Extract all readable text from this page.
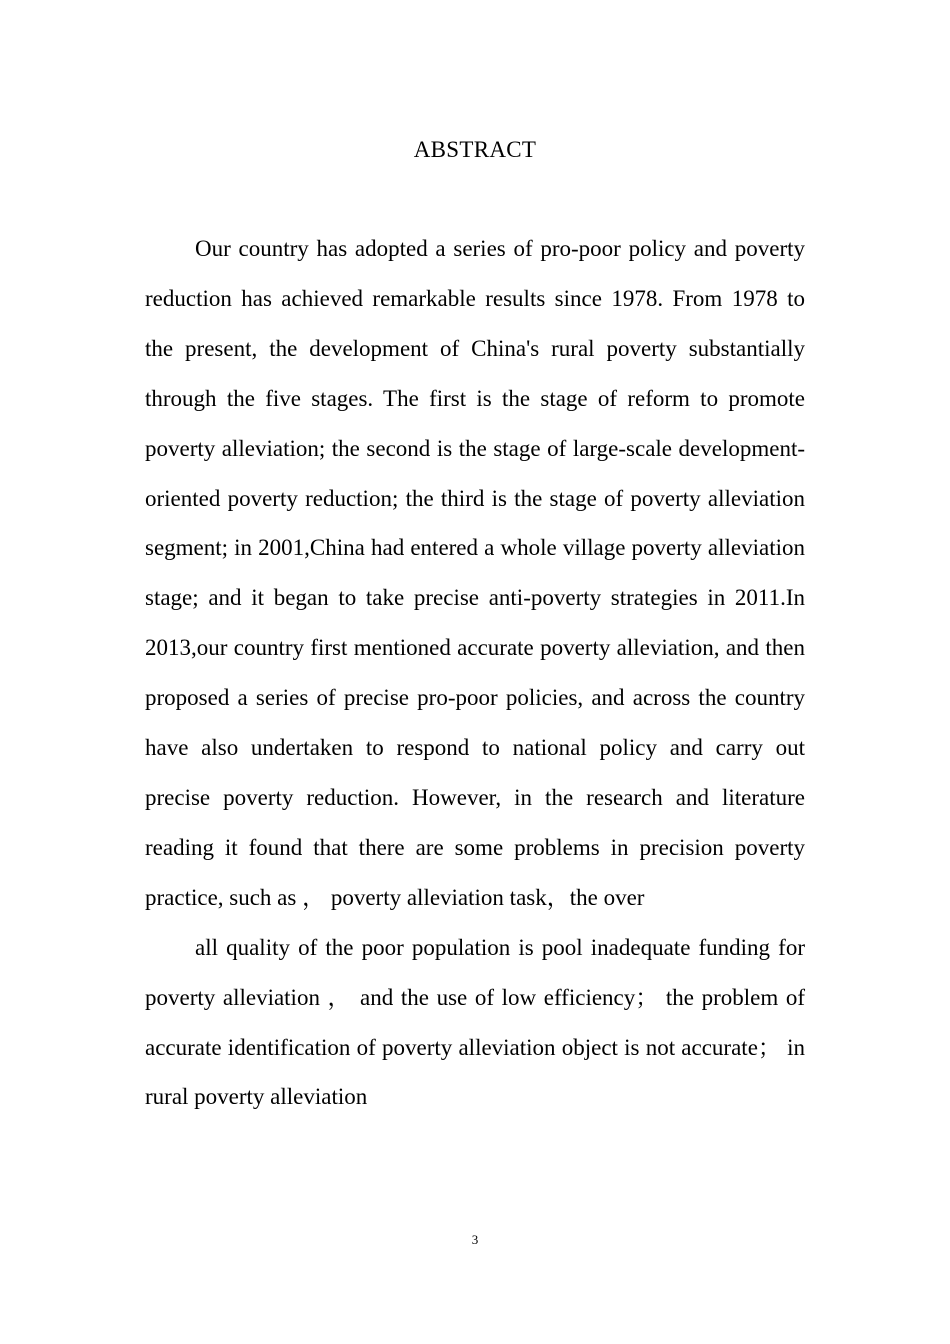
ABSTRACT

Our country has adopted a series of pro-poor policy and poverty reduction has achieved remarkable results since 1978. From 1978 to the present, the development of China's rural poverty substantially through the five stages. The first is the stage of reform to promote poverty alleviation; the second is the stage of large-scale development-oriented poverty reduction; the third is the stage of poverty alleviation segment; in 2001,China had entered a whole village poverty alleviation stage; and it began to take precise anti-poverty strategies in 2011.In 2013,our country first mentioned accurate poverty alleviation, and then proposed a series of precise pro-poor policies, and across the country have also undertaken to respond to national policy and carry out precise poverty reduction. However, in the research and literature reading it found that there are some problems in precision poverty practice, such as ， poverty alleviation task，the over

all quality of the poor population is pool inadequate funding for poverty alleviation ， and the use of low efficiency； the problem of accurate identification of poverty alleviation object is not accurate； in rural poverty alleviation

3
